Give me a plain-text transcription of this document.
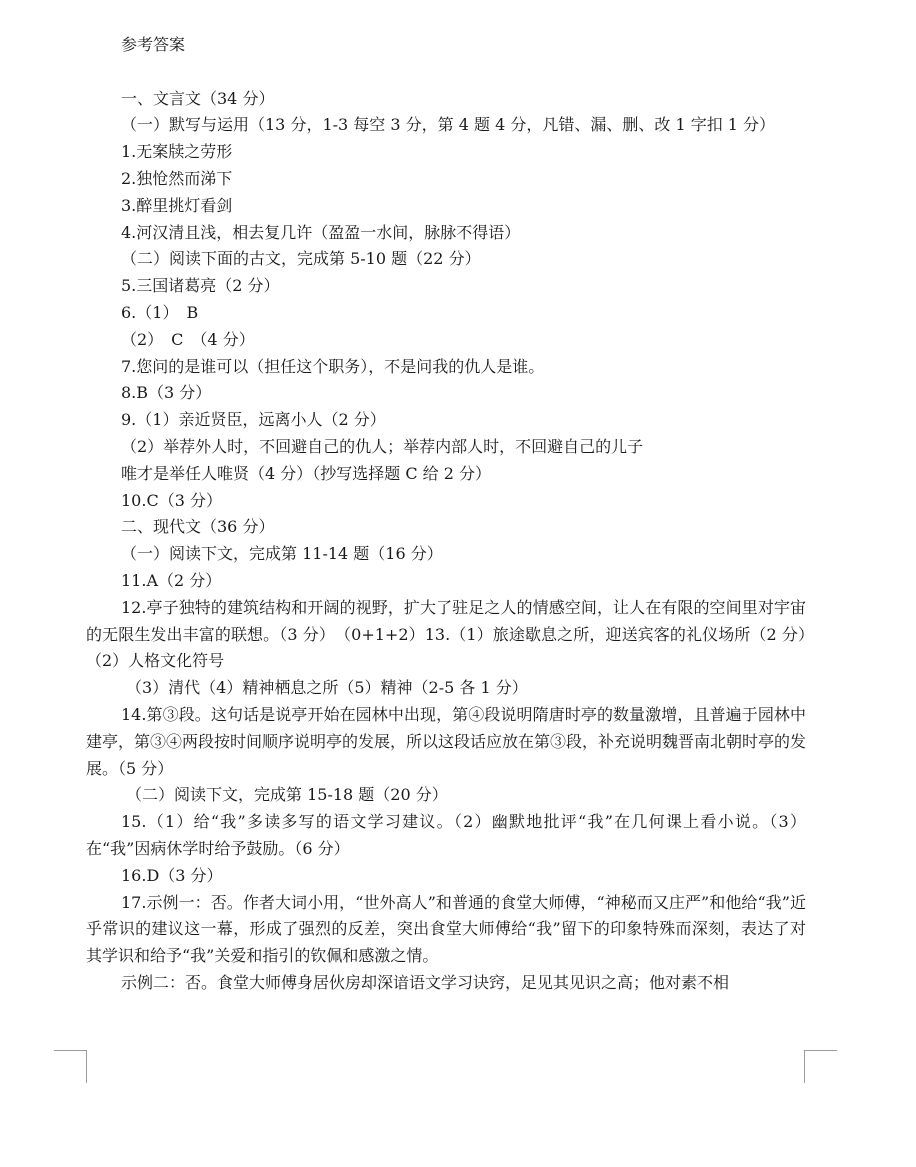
参考答案
一、文言文（34 分）
（一）默写与运用（13 分，1-3 每空 3 分，第 4 题 4 分，凡错、漏、删、改 1 字扣 1 分）
1.无案牍之劳形
2.独怆然而涕下
3.醉里挑灯看剑
4.河汉清且浅，相去复几许（盈盈一水间，脉脉不得语）
（二）阅读下面的古文，完成第 5-10 题（22 分）
5.三国诸葛亮（2 分）
6.（1）　B
（2）　C　（4 分）
7.您问的是谁可以（担任这个职务），不是问我的仇人是谁。
8.B（3 分）
9.（1）亲近贤臣，远离小人（2 分）
（2）举荐外人时，不回避自己的仇人；举荐内部人时，不回避自己的儿子
唯才是举任人唯贤（4 分）（抄写选择题 C 给 2 分）
10.C（3 分）
二、现代文（36 分）
（一）阅读下文，完成第 11-14 题（16 分）
11.A（2 分）
12.亭子独特的建筑结构和开阔的视野，扩大了驻足之人的情感空间，让人在有限的空间里对宇宙的无限生发出丰富的联想。（3 分）　（0+1+2）13.（1）旅途歇息之所，迎送宾客的礼仪场所（2 分）（2）人格文化符号
（3）清代（4）精神栖息之所（5）精神（2-5 各 1 分）
14.第③段。这句话是说亭开始在园林中出现，第④段说明隋唐时亭的数量激增，且普遍于园林中建亭，第③④两段按时间顺序说明亭的发展，所以这段话应放在第③段，补充说明魏晋南北朝时亭的发展。（5 分）
（二）阅读下文，完成第 15-18 题（20 分）
15.（1）给“我”多读多写的语文学习建议。（2）幽默地批评“我”在几何课上看小说。（3）在“我”因病休学时给予鼓励。（6 分）
16.D（3 分）
17.示例一：否。作者大词小用，“世外高人”和普通的食堂大师傅，“神秘而又庄严”和他给“我”近乎常识的建议这一幕，形成了强烈的反差，突出食堂大师傅给“我”留下的印象特殊而深刻，表达了对其学识和给予“我”关爱和指引的钦佩和感激之情。
示例二：否。食堂大师傅身居伙房却深谙语文学习诀窍，足见其见识之高；他对素不相
